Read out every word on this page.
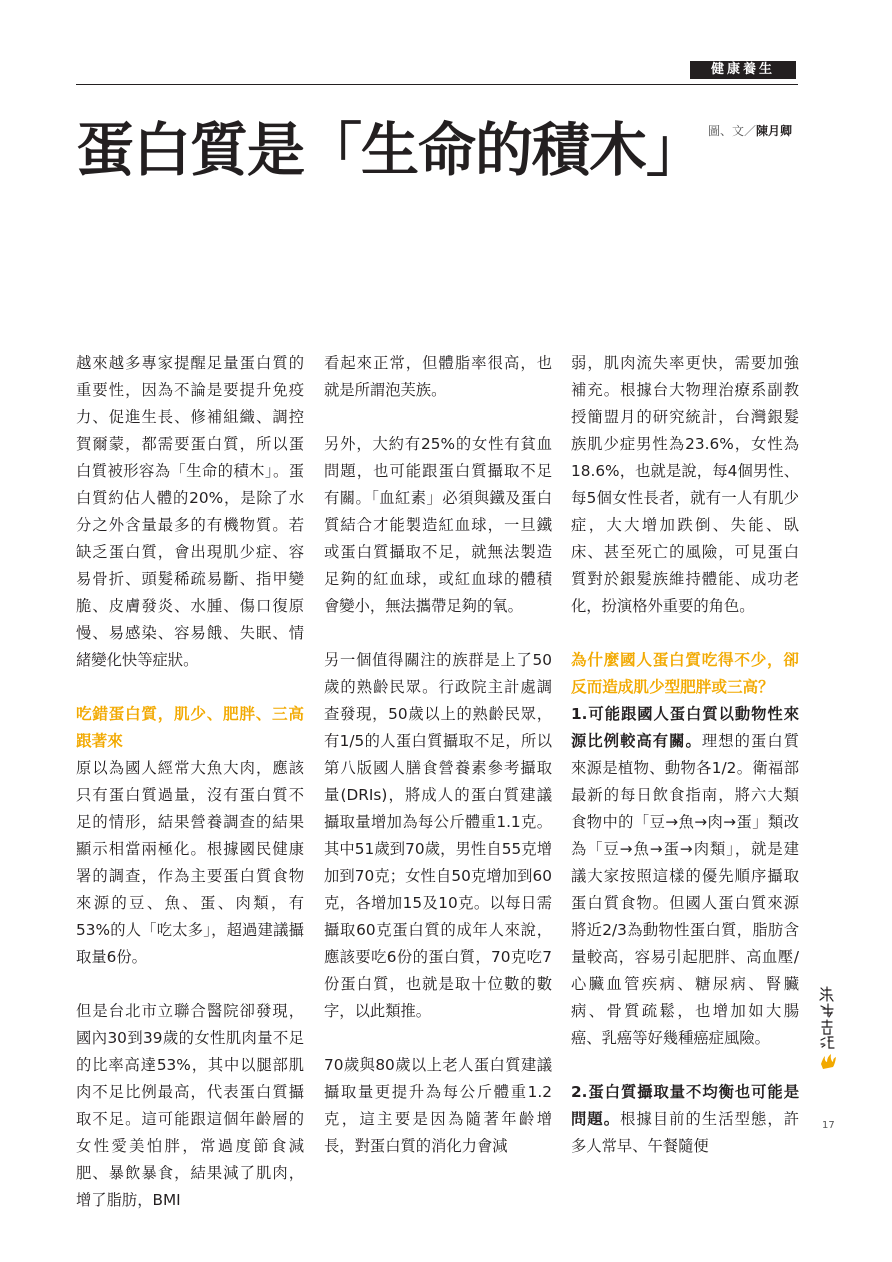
健康養生
蛋白質是「生命的積木」 圖、文／陳月卿

越來越多專家提醒足量蛋白質的重要性，因為不論是要提升免疫力、促進生長、修補組織、調控賀爾蒙，都需要蛋白質，所以蛋白質被形容為「生命的積木」。蛋白質約佔人體的20%，是除了水分之外含量最多的有機物質。若缺乏蛋白質，會出現肌少症、容易骨折、頭髮稀疏易斷、指甲變脆、皮膚發炎、水腫、傷口復原慢、易感染、容易餓、失眠、情緒變化快等症狀。

吃錯蛋白質，肌少、肥胖、三高跟著來

原以為國人經常大魚大肉，應該只有蛋白質過量，沒有蛋白質不足的情形，結果營養調查的結果顯示相當兩極化。根據國民健康署的調查，作為主要蛋白質食物來源的豆、魚、蛋、肉類，有53%的人「吃太多」，超過建議攝取量6份。

但是台北市立聯合醫院卻發現，國內30到39歲的女性肌肉量不足的比率高達53%，其中以腿部肌肉不足比例最高，代表蛋白質攝取不足。這可能跟這個年齡層的女性愛美怕胖，常過度節食減肥、暴飲暴食，結果減了肌肉，增了脂肪，BMI

看起來正常，但體脂率很高，也就是所謂泡芙族。

另外，大約有25%的女性有貧血問題，也可能跟蛋白質攝取不足有關。「血紅素」必須與鐵及蛋白質結合才能製造紅血球，一旦鐵或蛋白質攝取不足，就無法製造足夠的紅血球，或紅血球的體積會變小，無法攜帶足夠的氧。

另一個值得關注的族群是上了50歲的熟齡民眾。行政院主計處調查發現，50歲以上的熟齡民眾，有1/5的人蛋白質攝取不足，所以第八版國人膳食營養素參考攝取量(DRIs)，將成人的蛋白質建議攝取量增加為每公斤體重1.1克。其中51歲到70歲，男性自55克增加到70克；女性自50克增加到60克，各增加15及10克。以每日需攝取60克蛋白質的成年人來說，應該要吃6份的蛋白質，70克吃7份蛋白質，也就是取十位數的數字，以此類推。

70歲與80歲以上老人蛋白質建議攝取量更提升為每公斤體重1.2克，這主要是因為隨著年齡增長，對蛋白質的消化力會減

弱，肌肉流失率更快，需要加強補充。根據台大物理治療系副教授簡盟月的研究統計，台灣銀髮族肌少症男性為23.6%，女性為18.6%，也就是說，每4個男性、每5個女性長者，就有一人有肌少症，大大增加跌倒、失能、臥床、甚至死亡的風險，可見蛋白質對於銀髮族維持體能、成功老化，扮演格外重要的角色。

為什麼國人蛋白質吃得不少，卻反而造成肌少型肥胖或三高？

1.可能跟國人蛋白質以動物性來源比例較高有關。理想的蛋白質來源是植物、動物各1/2。衛福部最新的每日飲食指南，將六大類食物中的「豆→魚→肉→蛋」類改為「豆→魚→蛋→肉類」，就是建議大家按照這樣的優先順序攝取蛋白質食物。但國人蛋白質來源將近2/3為動物性蛋白質，脂肪含量較高，容易引起肥胖、高血壓/心臟血管疾病、糖尿病、腎臟病、骨質疏鬆，也增加如大腸癌、乳癌等好幾種癌症風險。

2.蛋白質攝取量不均衡也可能是問題。根據目前的生活型態，許多人常早、午餐隨便

17
